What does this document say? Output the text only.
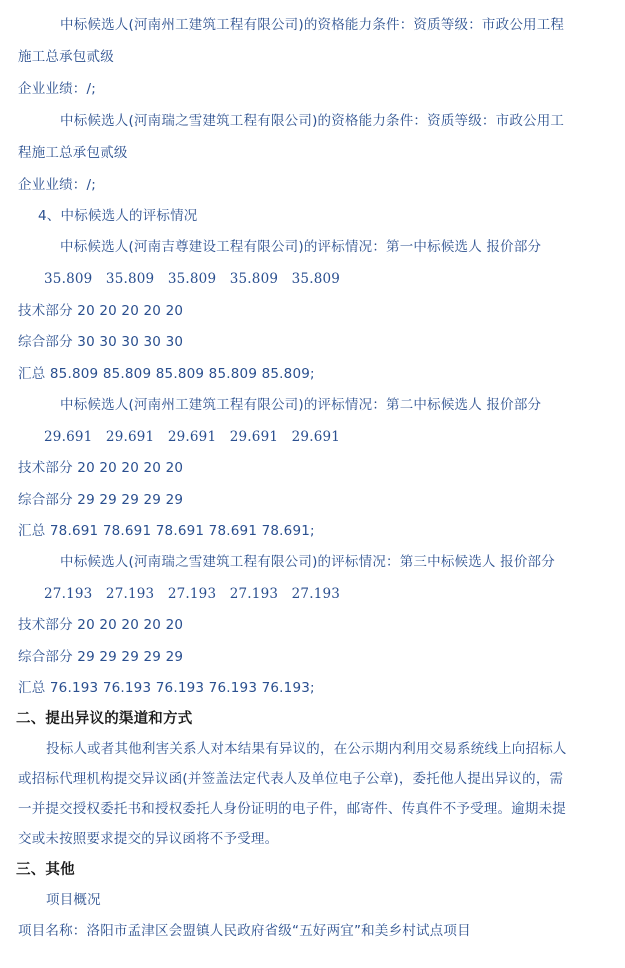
中标候选人(河南州工建筑工程有限公司)的资格能力条件：资质等级：市政公用工程
施工总承包贰级
企业业绩：/;
中标候选人(河南瑞之雪建筑工程有限公司)的资格能力条件：资质等级：市政公用工
程施工总承包贰级
企业业绩：/;
4、中标候选人的评标情况
中标候选人(河南吉尊建设工程有限公司)的评标情况：第一中标候选人 报价部分
35.809   35.809   35.809   35.809   35.809
技术部分 20 20 20 20 20
综合部分 30 30 30 30 30
汇总 85.809 85.809 85.809 85.809 85.809;
中标候选人(河南州工建筑工程有限公司)的评标情况：第二中标候选人 报价部分
29.691   29.691   29.691   29.691   29.691
技术部分 20 20 20 20 20
综合部分 29 29 29 29 29
汇总 78.691 78.691 78.691 78.691 78.691;
中标候选人(河南瑞之雪建筑工程有限公司)的评标情况：第三中标候选人 报价部分
27.193   27.193   27.193   27.193   27.193
技术部分 20 20 20 20 20
综合部分 29 29 29 29 29
汇总 76.193 76.193 76.193 76.193 76.193;
二、提出异议的渠道和方式
投标人或者其他利害关系人对本结果有异议的，在公示期内利用交易系统线上向招标人
或招标代理机构提交异议函(并签盖法定代表人及单位电子公章)，委托他人提出异议的，需
一并提交授权委托书和授权委托人身份证明的电子件，邮寄件、传真件不予受理。逾期未提
交或未按照要求提交的异议函将不予受理。
三、其他
项目概况
项目名称：洛阳市孟津区会盟镇人民政府省级“五好两宜”和美乡村试点项目
